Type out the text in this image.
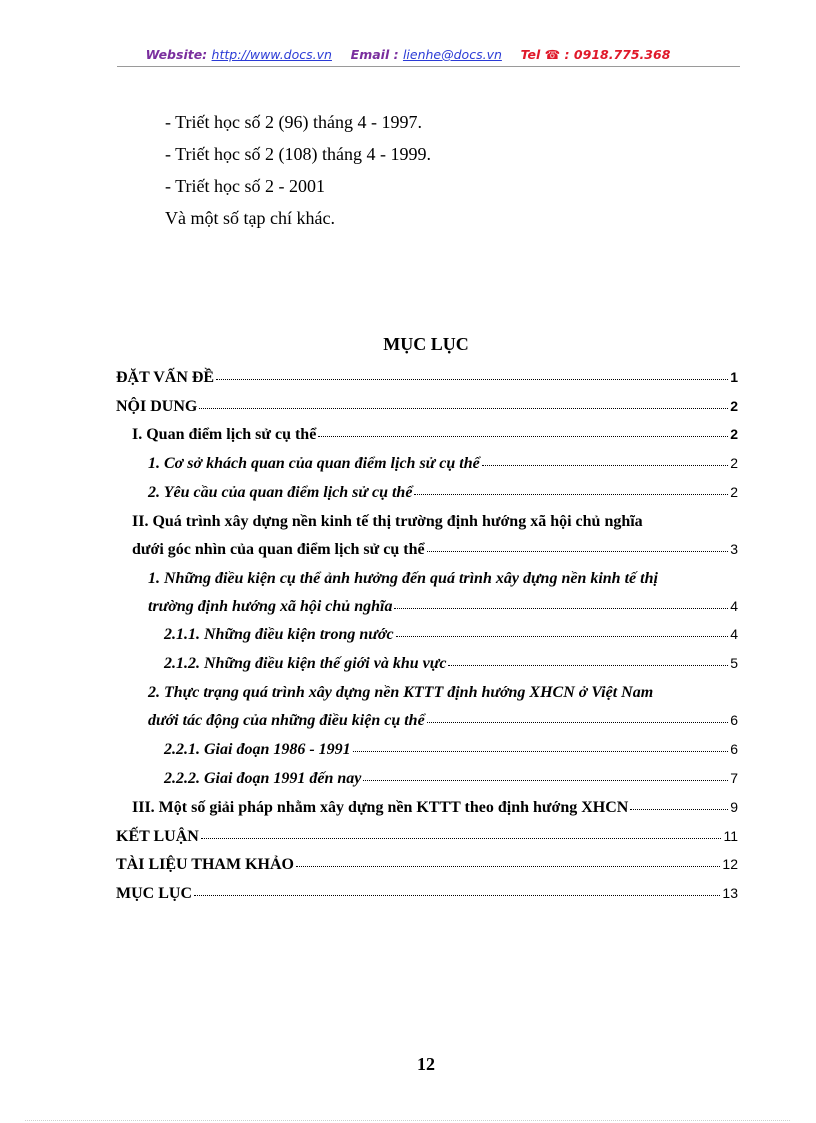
Website: http://www.docs.vn Email : lienhe@docs.vn Tel ☎ : 0918.775.368
- Triết học số 2 (96) tháng 4 - 1997.
- Triết học số 2 (108) tháng 4 - 1999.
- Triết học số 2 - 2001
Và một số tạp chí khác.
MỤC LỤC
ĐẶT VẤN ĐỀ	1
NỘI DUNG	2
I. Quan điểm lịch sử cụ thể	2
1. Cơ sở khách quan của quan điểm lịch sử cụ thể	2
2. Yêu cầu của quan điểm lịch sử cụ thể	2
II. Quá trình xây dựng nền kinh tế thị trường định hướng xã hội chủ nghĩa
dưới góc nhìn của quan điểm lịch sử cụ thể	3
1. Những điều kiện cụ thể ảnh hưởng đến quá trình xây dựng nền kinh tế thị
trường định hướng xã hội chủ nghĩa	4
2.1.1. Những điều kiện trong nước	4
2.1.2. Những điều kiện thế giới và khu vực	5
2. Thực trạng quá trình xây dựng nền KTTT định hướng XHCN ở Việt Nam
dưới tác động của những điều kiện cụ thể	6
2.2.1. Giai đoạn 1986 - 1991	6
2.2.2. Giai đoạn 1991 đến nay	7
III. Một số giải pháp nhằm xây dựng nền KTTT theo định hướng XHCN	9
KẾT LUẬN	11
TÀI LIỆU THAM KHẢO	12
MỤC LỤC	13
12
